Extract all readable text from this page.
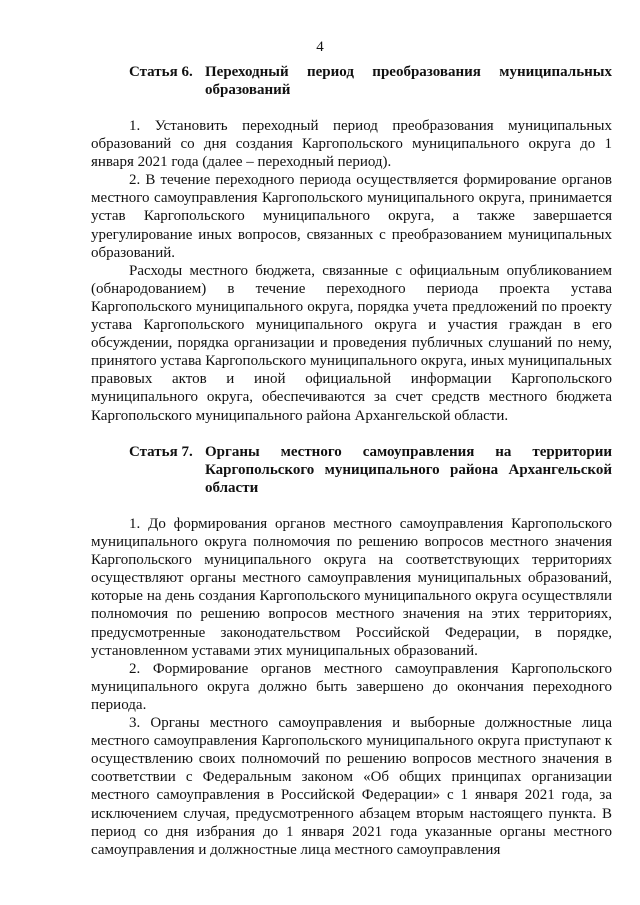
4
Статья 6. Переходный период преобразования муниципальных образований

1. Установить переходный период преобразования муниципальных образований со дня создания Каргопольского муниципального округа до 1 января 2021 года (далее – переходный период).

2. В течение переходного периода осуществляется формирование органов местного самоуправления Каргопольского муниципального округа, принимается устав Каргопольского муниципального округа, а также завершается урегулирование иных вопросов, связанных с преобразованием муниципальных образований.

Расходы местного бюджета, связанные с официальным опубликованием (обнародованием) в течение переходного периода проекта устава Каргопольского муниципального округа, порядка учета предложений по проекту устава Каргопольского муниципального округа и участия граждан в его обсуждении, порядка организации и проведения публичных слушаний по нему, принятого устава Каргопольского муниципального округа, иных муниципальных правовых актов и иной официальной информации Каргопольского муниципального округа, обеспечиваются за счет средств местного бюджета Каргопольского муниципального района Архангельской области.

Статья 7. Органы местного самоуправления на территории Каргопольского муниципального района Архангельской области

1. До формирования органов местного самоуправления Каргопольского муниципального округа полномочия по решению вопросов местного значения Каргопольского муниципального округа на соответствующих территориях осуществляют органы местного самоуправления муниципальных образований, которые на день создания Каргопольского муниципального округа осуществляли полномочия по решению вопросов местного значения на этих территориях, предусмотренные законодательством Российской Федерации, в порядке, установленном уставами этих муниципальных образований.

2. Формирование органов местного самоуправления Каргопольского муниципального округа должно быть завершено до окончания переходного периода.

3. Органы местного самоуправления и выборные должностные лица местного самоуправления Каргопольского муниципального округа приступают к осуществлению своих полномочий по решению вопросов местного значения в соответствии с Федеральным законом «Об общих принципах организации местного самоуправления в Российской Федерации» с 1 января 2021 года, за исключением случая, предусмотренного абзацем вторым настоящего пункта. В период со дня избрания до 1 января 2021 года указанные органы местного самоуправления и должностные лица местного самоуправления
